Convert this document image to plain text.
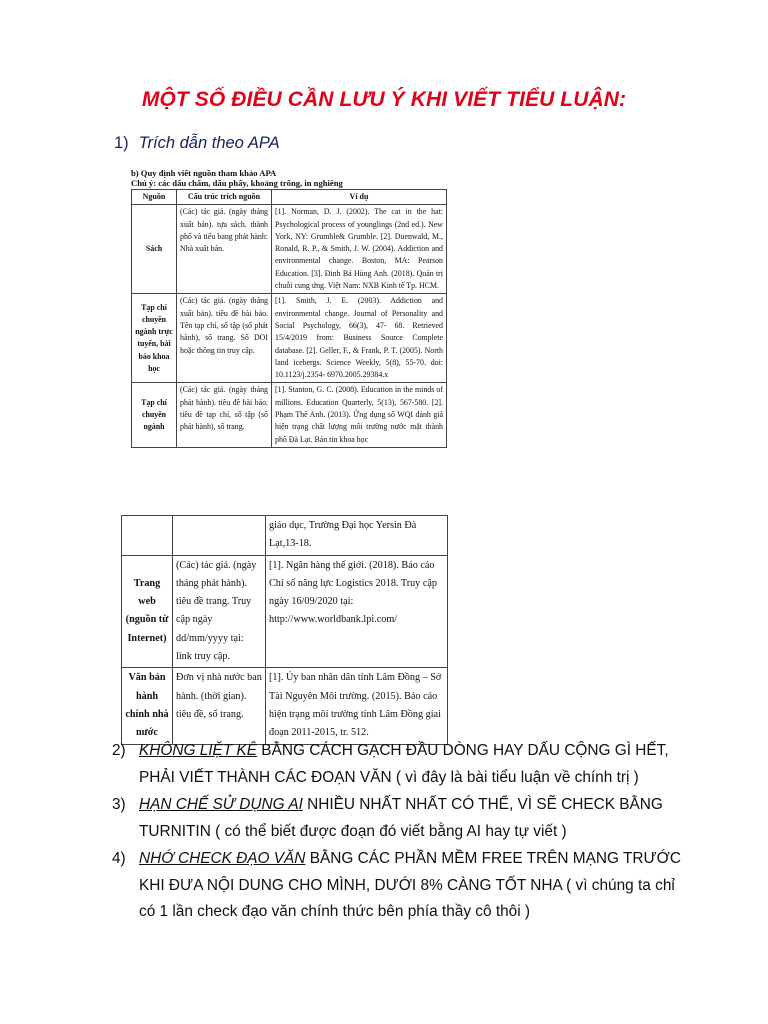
MỘT SỐ ĐIỀU CẦN LƯU Ý KHI VIẾT TIỂU LUẬN:
1) Trích dẫn theo APA
b) Quy định viết nguồn tham khảo APA
Chú ý: các dấu chấm, dấu phẩy, khoảng trống, in nghiêng
Nguồn	Cấu trúc trích nguồn	Ví dụ
Sách	(Các) tác giả. (ngày tháng xuất bản). tựa sách. thành phố và tiểu bang phát hành: Nhà xuất bản.	[1]. Norman, D. J. (2002). The cat in the hat: Psychological process of younglings (2nd ed.). New York, NY: Grumble& Grumble. [2]. Duenwald, M., Ronald, R. P., & Smith, J. W. (2004). Addiction and environmental change. Boston, MA: Pearson Education. [3]. Đinh Bá Hùng Anh. (2018). Quản trị chuỗi cung ứng. Việt Nam: NXB Kinh tế Tp. HCM.
Tạp chí chuyên ngành trực tuyến, bài báo khoa học	(Các) tác giả. (ngày tháng xuất bản). tiêu đề bài báo. Tên tạp chí, số tập (số phát hành), số trang. Số DOI hoặc thông tin truy cập.	[1]. Smith, J. E. (2003). Addiction and environmental change. Journal of Personality and Social Psychology, 66(3), 47- 68. Retrieved 15/4/2019 from: Business Source Complete database. [2]. Geller, F., & Frank, P. T. (2005). North land icebergs. Science Weekly, 5(8), 55-70. doi: 10.1123/j.2354- 6970.2005.29384.x
Tạp chí chuyên ngành	(Các) tác giả. (ngày tháng phát hành). tiêu đề bài báo. tiêu đề tạp chí, số tập (số phát hành), số trang.	[1]. Stanton, G. C. (2008). Education in the minds of millions. Education Quarterly, 5(13), 567-580. [2]. Phạm Thế Anh. (2013). Ứng dụng số WQI đánh giá hiện trạng chất lượng môi trường nước mặt thành phố Đà Lạt. Bản tin khoa học
		giáo dục, Trường Đại học Yersin Đà Lạt,13-18.
Trang web (nguồn từ Internet)	(Các) tác giả. (ngày tháng phát hành). tiêu đề trang. Truy cập ngày dd/mm/yyyy tại: link truy cập.	[1]. Ngân hàng thế giới. (2018). Báo cáo Chỉ số năng lực Logistics 2018. Truy cập ngày 16/09/2020 tại: http://www.worldbank.lpi.com/
Văn bản hành chính nhà nước	Đơn vị nhà nước ban hành. (thời gian). tiêu đề, số trang.	[1]. Ủy ban nhân dân tỉnh Lâm Đồng – Sở Tài Nguyên Môi trường. (2015). Báo cáo hiện trạng môi trường tỉnh Lâm Đồng giai đoạn 2011-2015, tr. 512.
2) KHÔNG LIỆT KÊ BẰNG CÁCH GẠCH ĐẦU DÒNG HAY DẤU CỘNG GÌ HẾT, PHẢI VIẾT THÀNH CÁC ĐOẠN VĂN ( vì đây là bài tiểu luận về chính trị )
3) HẠN CHẾ SỬ DỤNG AI NHIỀU NHẤT NHẤT CÓ THỂ, VÌ SẼ CHECK BẰNG TURNITIN ( có thể biết được đoạn đó viết bằng AI hay tự viết )
4) NHỚ CHECK ĐẠO VĂN BẰNG CÁC PHẦN MỀM FREE TRÊN MẠNG TRƯỚC KHI ĐƯA NỘI DUNG CHO MÌNH, DƯỚI 8% CÀNG TỐT NHA ( vì chúng ta chỉ có 1 lần check đạo văn chính thức bên phía thầy cô thôi )
